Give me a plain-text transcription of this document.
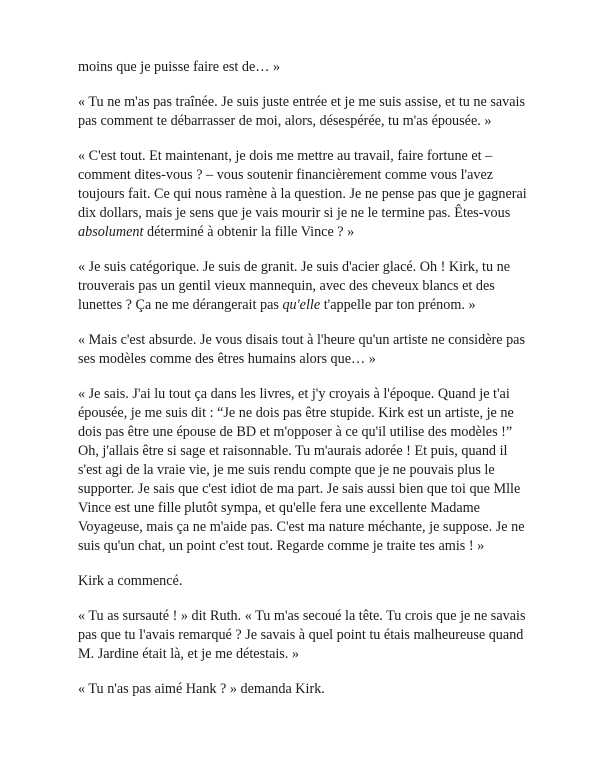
moins que je puisse faire est de… »

« Tu ne m'as pas traînée. Je suis juste entrée et je me suis assise, et tu ne savais pas comment te débarrasser de moi, alors, désespérée, tu m'as épousée. »

« C'est tout. Et maintenant, je dois me mettre au travail, faire fortune et – comment dites-vous ? – vous soutenir financièrement comme vous l'avez toujours fait. Ce qui nous ramène à la question. Je ne pense pas que je gagnerai dix dollars, mais je sens que je vais mourir si je ne le termine pas. Êtes-vous absolument déterminé à obtenir la fille Vince ? »

« Je suis catégorique. Je suis de granit. Je suis d'acier glacé. Oh ! Kirk, tu ne trouverais pas un gentil vieux mannequin, avec des cheveux blancs et des lunettes ? Ça ne me dérangerait pas qu'elle t'appelle par ton prénom. »

« Mais c'est absurde. Je vous disais tout à l'heure qu'un artiste ne considère pas ses modèles comme des êtres humains alors que… »

« Je sais. J'ai lu tout ça dans les livres, et j'y croyais à l'époque. Quand je t'ai épousée, je me suis dit : “Je ne dois pas être stupide. Kirk est un artiste, je ne dois pas être une épouse de BD et m'opposer à ce qu'il utilise des modèles !” Oh, j'allais être si sage et raisonnable. Tu m'aurais adorée ! Et puis, quand il s'est agi de la vraie vie, je me suis rendu compte que je ne pouvais plus le supporter. Je sais que c'est idiot de ma part. Je sais aussi bien que toi que Mlle Vince est une fille plutôt sympa, et qu'elle fera une excellente Madame Voyageuse, mais ça ne m'aide pas. C'est ma nature méchante, je suppose. Je ne suis qu'un chat, un point c'est tout. Regarde comme je traite tes amis ! »

Kirk a commencé.

« Tu as sursauté ! » dit Ruth. « Tu m'as secoué la tête. Tu crois que je ne savais pas que tu l'avais remarqué ? Je savais à quel point tu étais malheureuse quand M. Jardine était là, et je me détestais. »

« Tu n'as pas aimé Hank ? » demanda Kirk.
